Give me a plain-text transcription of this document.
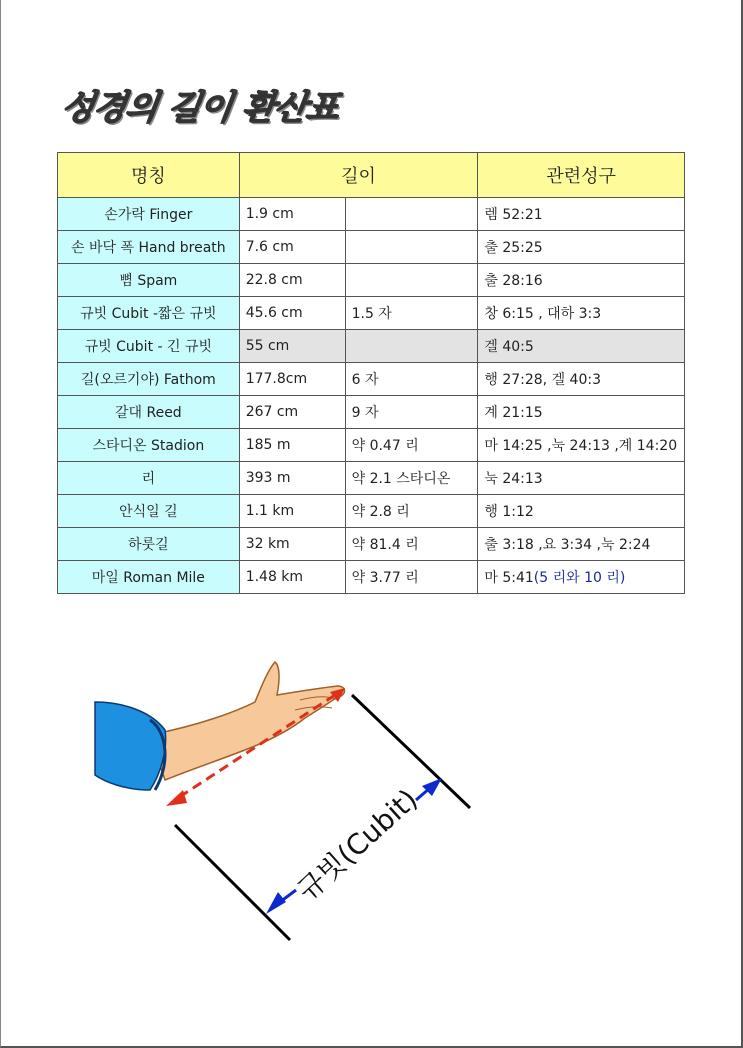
성경의 길이 환산표
명칭	길이		관련성구
손가락 Finger	1.9 cm		렘 52:21
손 바닥 폭 Hand breath	7.6 cm		출 25:25
뼘 Spam	22.8 cm		출 28:16
규빗 Cubit -짧은 규빗	45.6 cm	1.5 자	창 6:15 , 대하 3:3
규빗 Cubit - 긴 규빗	55 cm		겔 40:5
길(오르기야) Fathom	177.8cm	6 자	행 27:28, 겔 40:3
갈대 Reed	267 cm	9 자	계 21:15
스타디온 Stadion	185 m	약 0.47 리	마 14:25 ,눅 24:13 ,계 14:20
리	393 m	약 2.1 스타디온	눅 24:13
안식일 길	1.1 km	약 2.8 리	행 1:12
하룻길	32 km	약 81.4 리	출 3:18 ,요 3:34 ,눅 2:24
마일 Roman Mile	1.48 km	약 3.77 리	마 5:41(5 리와 10 리)
규빗(Cubit)
